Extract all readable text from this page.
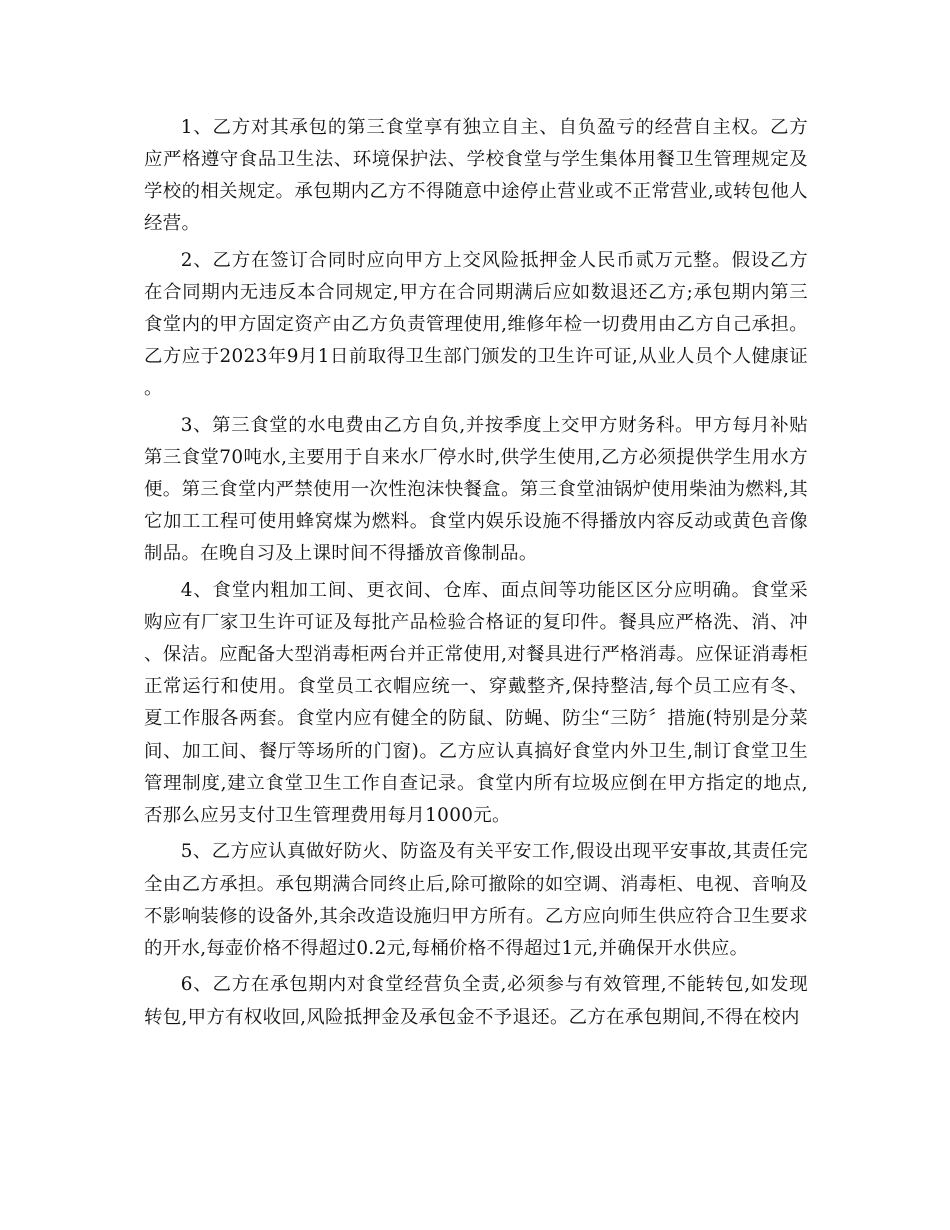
1、乙方对其承包的第三食堂享有独立自主、自负盈亏的经营自主权。乙方应严格遵守食品卫生法、环境保护法、学校食堂与学生集体用餐卫生管理规定及学校的相关规定。承包期内乙方不得随意中途停止营业或不正常营业,或转包他人经营。

2、乙方在签订合同时应向甲方上交风险抵押金人民币贰万元整。假设乙方在合同期内无违反本合同规定,甲方在合同期满后应如数退还乙方;承包期内第三食堂内的甲方固定资产由乙方负责管理使用,维修年检一切费用由乙方自己承担。乙方应于2023年9月1日前取得卫生部门颁发的卫生许可证,从业人员个人健康证。

3、第三食堂的水电费由乙方自负,并按季度上交甲方财务科。甲方每月补贴第三食堂70吨水,主要用于自来水厂停水时,供学生使用,乙方必须提供学生用水方便。第三食堂内严禁使用一次性泡沫快餐盒。第三食堂油锅炉使用柴油为燃料,其它加工工程可使用蜂窝煤为燃料。食堂内娱乐设施不得播放内容反动或黄色音像制品。在晚自习及上课时间不得播放音像制品。

4、食堂内粗加工间、更衣间、仓库、面点间等功能区区分应明确。食堂采购应有厂家卫生许可证及每批产品检验合格证的复印件。餐具应严格洗、消、冲、保洁。应配备大型消毒柜两台并正常使用,对餐具进行严格消毒。应保证消毒柜正常运行和使用。食堂员工衣帽应统一、穿戴整齐,保持整洁,每个员工应有冬、夏工作服各两套。食堂内应有健全的防鼠、防蝇、防尘“三防〞措施(特别是分菜间、加工间、餐厅等场所的门窗)。乙方应认真搞好食堂内外卫生,制订食堂卫生管理制度,建立食堂卫生工作自查记录。食堂内所有垃圾应倒在甲方指定的地点,否那么应另支付卫生管理费用每月1000元。

5、乙方应认真做好防火、防盗及有关平安工作,假设出现平安事故,其责任完全由乙方承担。承包期满合同终止后,除可撤除的如空调、消毒柜、电视、音响及不影响装修的设备外,其余改造设施归甲方所有。乙方应向师生供应符合卫生要求的开水,每壶价格不得超过0.2元,每桶价格不得超过1元,并确保开水供应。

6、乙方在承包期内对食堂经营负全责,必须参与有效管理,不能转包,如发现转包,甲方有权收回,风险抵押金及承包金不予退还。乙方在承包期间,不得在校内
